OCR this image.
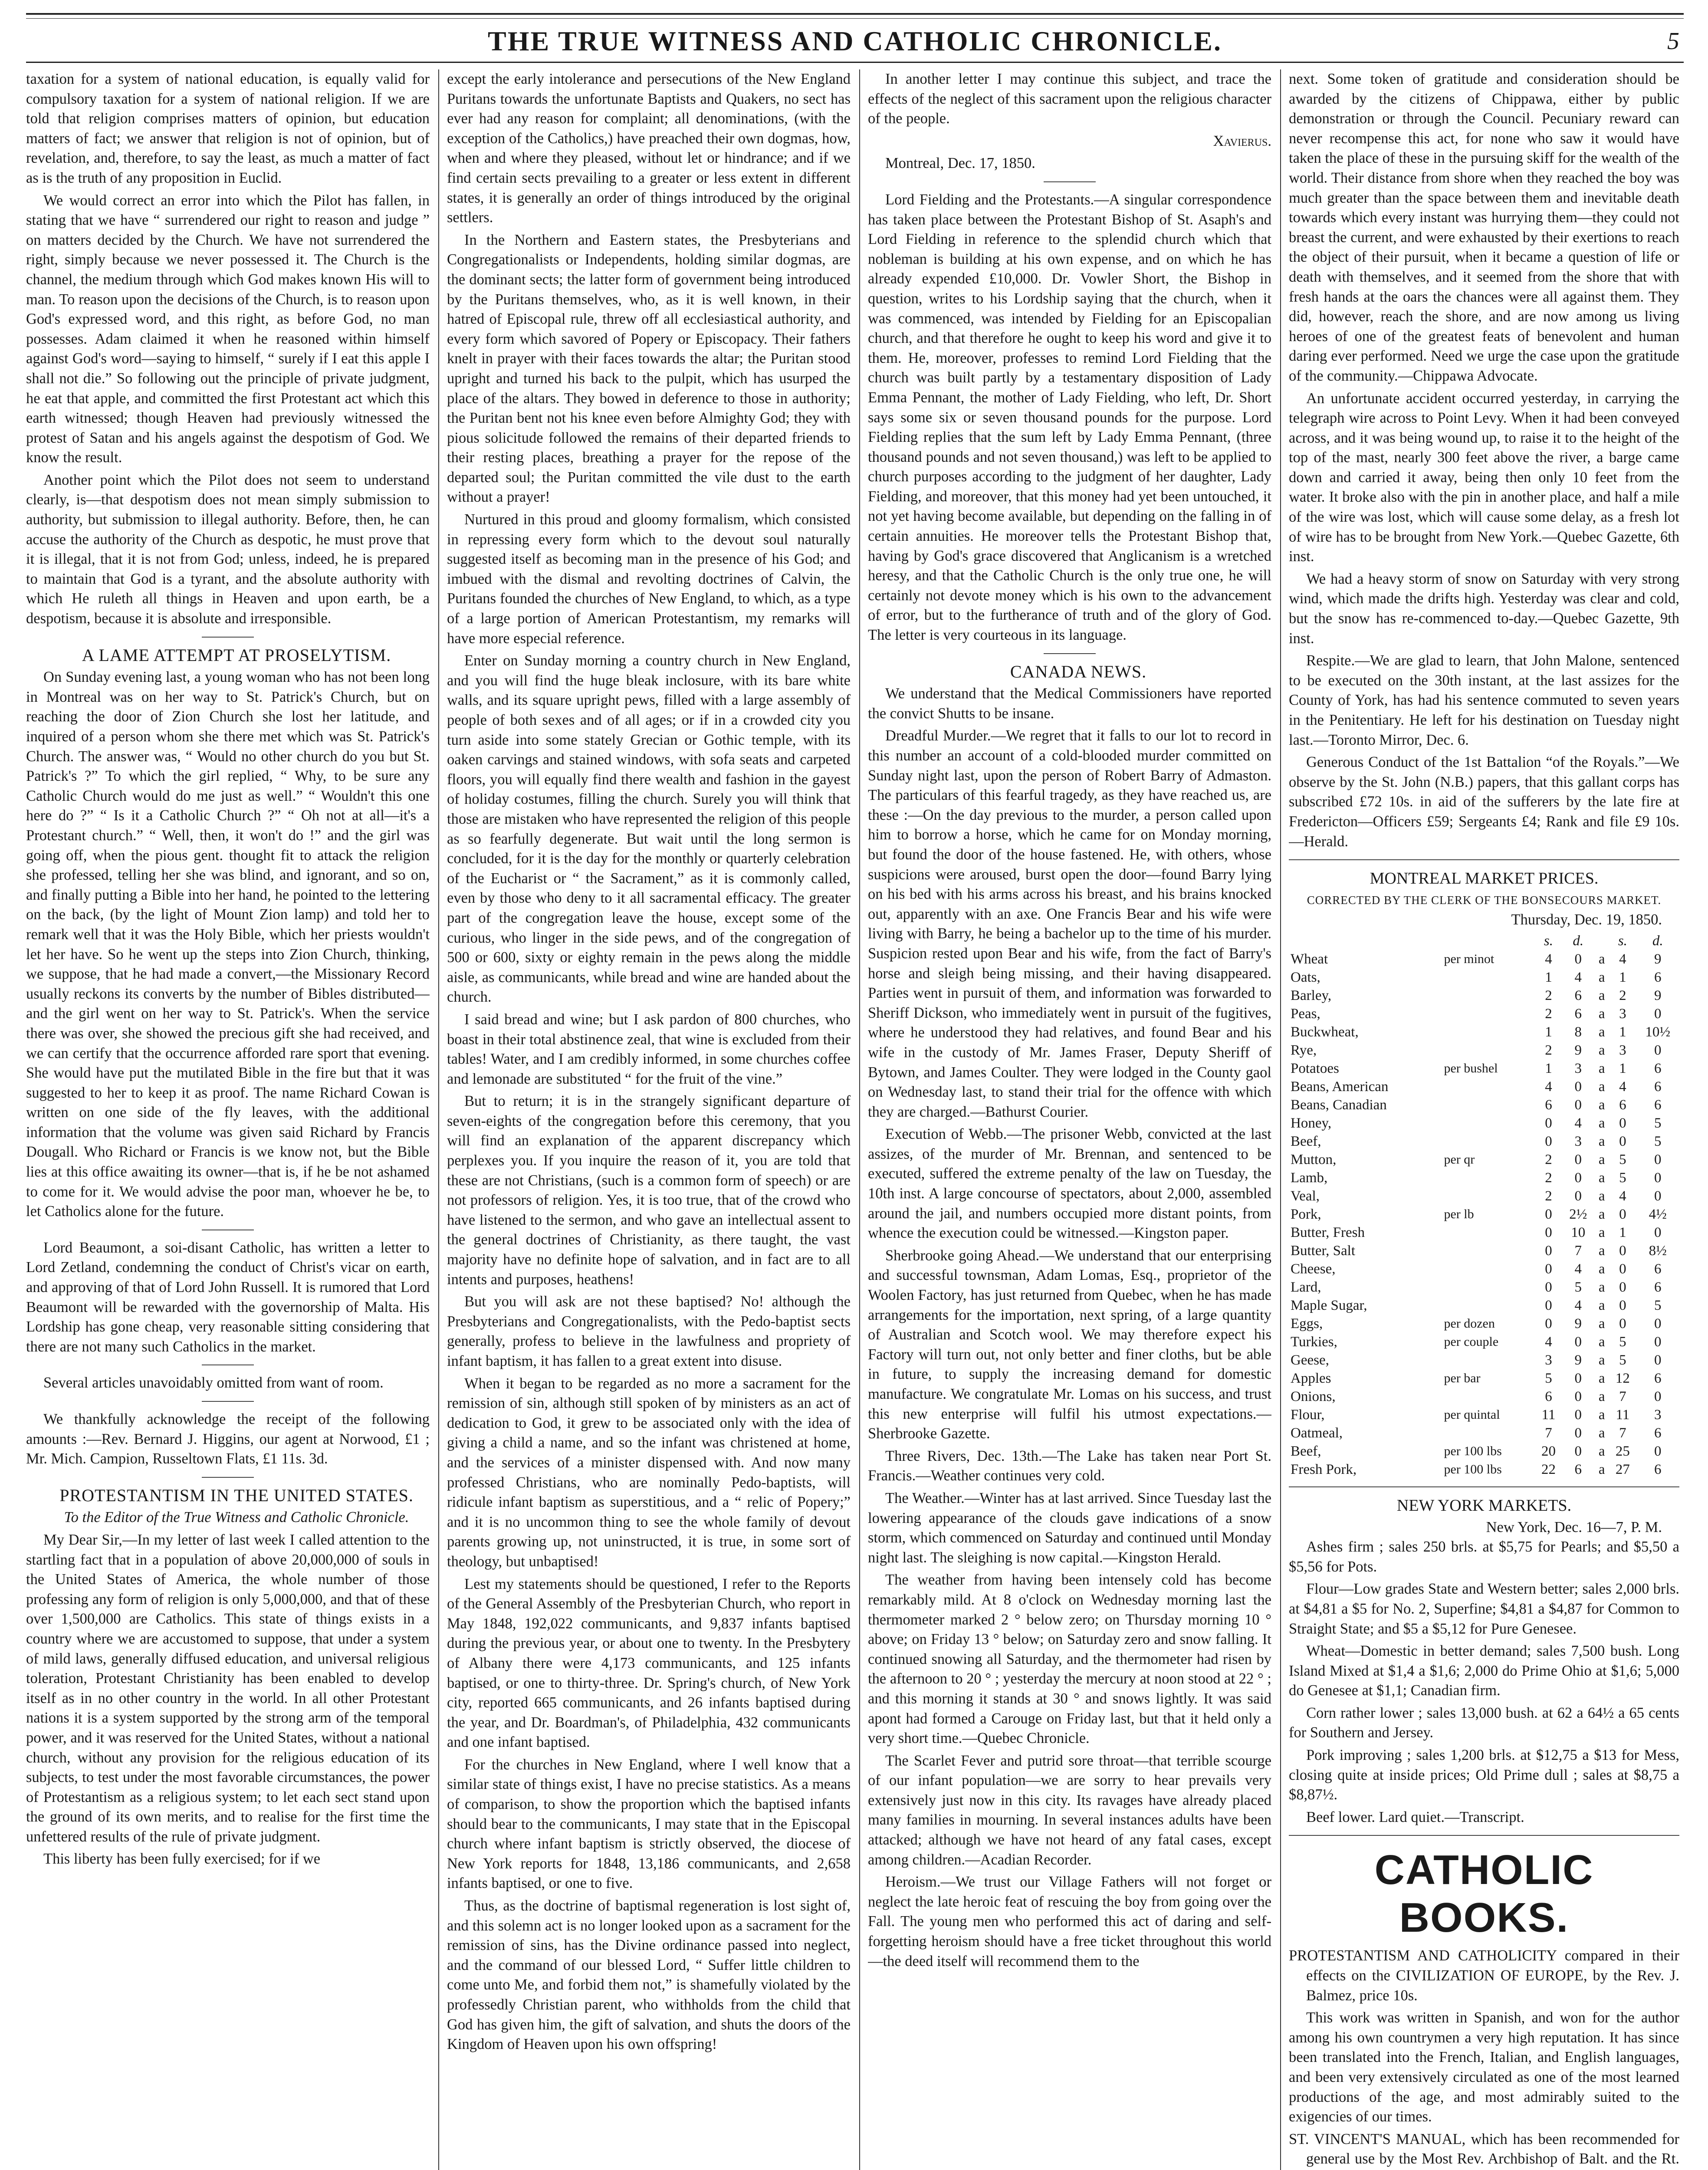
THE TRUE WITNESS AND CATHOLIC CHRONICLE.	5

taxation for a system of national education, is equally valid for compulsory taxation for a system of national religion. If we are told that religion comprises matters of opinion, but education matters of fact; we answer that religion is not of opinion, but of revelation, and, therefore, to say the least, as much a matter of fact as is the truth of any proposition in Euclid.

We would correct an error into which the Pilot has fallen, in stating that we have “ surrendered our right to reason and judge ” on matters decided by the Church. We have not surrendered the right, simply because we never possessed it. The Church is the channel, the medium through which God makes known His will to man. To reason upon the decisions of the Church, is to reason upon God's expressed word, and this right, as before God, no man possesses. Adam claimed it when he reasoned within himself against God's word—saying to himself, “ surely if I eat this apple I shall not die.” So following out the principle of private judgment, he eat that apple, and committed the first Protestant act which this earth witnessed; though Heaven had previously witnessed the protest of Satan and his angels against the despotism of God. We know the result.

Another point which the Pilot does not seem to understand clearly, is—that despotism does not mean simply submission to authority, but submission to illegal authority. Before, then, he can accuse the authority of the Church as despotic, he must prove that it is illegal, that it is not from God; unless, indeed, he is prepared to maintain that God is a tyrant, and the absolute authority with which He ruleth all things in Heaven and upon earth, be a despotism, because it is absolute and irresponsible.

A LAME ATTEMPT AT PROSELYTISM.

On Sunday evening last, a young woman who has not been long in Montreal was on her way to St. Patrick's Church, but on reaching the door of Zion Church she lost her latitude, and inquired of a person whom she there met which was St. Patrick's Church. The answer was, “ Would no other church do you but St. Patrick's ?” To which the girl replied, “ Why, to be sure any Catholic Church would do me just as well.” “ Wouldn't this one here do ?” “ Is it a Catholic Church ?” “ Oh not at all—it's a Protestant church.” “ Well, then, it won't do !” and the girl was going off, when the pious gent. thought fit to attack the religion she professed, telling her she was blind, and ignorant, and so on, and finally putting a Bible into her hand, he pointed to the lettering on the back, (by the light of Mount Zion lamp) and told her to remark well that it was the Holy Bible, which her priests wouldn't let her have. So he went up the steps into Zion Church, thinking, we suppose, that he had made a convert,—the Missionary Record usually reckons its converts by the number of Bibles distributed—and the girl went on her way to St. Patrick's. When the service there was over, she showed the precious gift she had received, and we can certify that the occurrence afforded rare sport that evening. She would have put the mutilated Bible in the fire but that it was suggested to her to keep it as proof. The name Richard Cowan is written on one side of the fly leaves, with the additional information that the volume was given said Richard by Francis Dougall. Who Richard or Francis is we know not, but the Bible lies at this office awaiting its owner—that is, if he be not ashamed to come for it. We would advise the poor man, whoever he be, to let Catholics alone for the future.

Lord Beaumont, a soi-disant Catholic, has written a letter to Lord Zetland, condemning the conduct of Christ's vicar on earth, and approving of that of Lord John Russell. It is rumored that Lord Beaumont will be rewarded with the governorship of Malta. His Lordship has gone cheap, very reasonable sitting considering that there are not many such Catholics in the market.

Several articles unavoidably omitted from want of room.

We thankfully acknowledge the receipt of the following amounts :—Rev. Bernard J. Higgins, our agent at Norwood, £1 ; Mr. Mich. Campion, Russeltown Flats, £1 11s. 3d.

PROTESTANTISM IN THE UNITED STATES.

To the Editor of the True Witness and Catholic Chronicle.

My Dear Sir,—In my letter of last week I called attention to the startling fact that in a population of above 20,000,000 of souls in the United States of America, the whole number of those professing any form of religion is only 5,000,000, and that of these over 1,500,000 are Catholics. This state of things exists in a country where we are accustomed to suppose, that under a system of mild laws, generally diffused education, and universal religious toleration, Protestant Christianity has been enabled to develop itself as in no other country in the world. In all other Protestant nations it is a system supported by the strong arm of the temporal power, and it was reserved for the United States, without a national church, without any provision for the religious education of its subjects, to test under the most favorable circumstances, the power of Protestantism as a religious system; to let each sect stand upon the ground of its own merits, and to realise for the first time the unfettered results of the rule of private judgment.

This liberty has been fully exercised; for if we

except the early intolerance and persecutions of the New England Puritans towards the unfortunate Baptists and Quakers, no sect has ever had any reason for complaint; all denominations, (with the exception of the Catholics,) have preached their own dogmas, how, when and where they pleased, without let or hindrance; and if we find certain sects prevailing to a greater or less extent in different states, it is generally an order of things introduced by the original settlers.

In the Northern and Eastern states, the Presbyterians and Congregationalists or Independents, holding similar dogmas, are the dominant sects; the latter form of government being introduced by the Puritans themselves, who, as it is well known, in their hatred of Episcopal rule, threw off all ecclesiastical authority, and every form which savored of Popery or Episcopacy. Their fathers knelt in prayer with their faces towards the altar; the Puritan stood upright and turned his back to the pulpit, which has usurped the place of the altars. They bowed in deference to those in authority; the Puritan bent not his knee even before Almighty God; they with pious solicitude followed the remains of their departed friends to their resting places, breathing a prayer for the repose of the departed soul; the Puritan committed the vile dust to the earth without a prayer!

Nurtured in this proud and gloomy formalism, which consisted in repressing every form which to the devout soul naturally suggested itself as becoming man in the presence of his God; and imbued with the dismal and revolting doctrines of Calvin, the Puritans founded the churches of New England, to which, as a type of a large portion of American Protestantism, my remarks will have more especial reference.

Enter on Sunday morning a country church in New England, and you will find the huge bleak inclosure, with its bare white walls, and its square upright pews, filled with a large assembly of people of both sexes and of all ages; or if in a crowded city you turn aside into some stately Grecian or Gothic temple, with its oaken carvings and stained windows, with sofa seats and carpeted floors, you will equally find there wealth and fashion in the gayest of holiday costumes, filling the church. Surely you will think that those are mistaken who have represented the religion of this people as so fearfully degenerate. But wait until the long sermon is concluded, for it is the day for the monthly or quarterly celebration of the Eucharist or “ the Sacrament,” as it is commonly called, even by those who deny to it all sacramental efficacy. The greater part of the congregation leave the house, except some of the curious, who linger in the side pews, and of the congregation of 500 or 600, sixty or eighty remain in the pews along the middle aisle, as communicants, while bread and wine are handed about the church.

I said bread and wine; but I ask pardon of 800 churches, who boast in their total abstinence zeal, that wine is excluded from their tables! Water, and I am credibly informed, in some churches coffee and lemonade are substituted “ for the fruit of the vine.”

But to return; it is in the strangely significant departure of seven-eights of the congregation before this ceremony, that you will find an explanation of the apparent discrepancy which perplexes you. If you inquire the reason of it, you are told that these are not Christians, (such is a common form of speech) or are not professors of religion. Yes, it is too true, that of the crowd who have listened to the sermon, and who gave an intellectual assent to the general doctrines of Christianity, as there taught, the vast majority have no definite hope of salvation, and in fact are to all intents and purposes, heathens!

But you will ask are not these baptised? No! although the Presbyterians and Congregationalists, with the Pedo-baptist sects generally, profess to believe in the lawfulness and propriety of infant baptism, it has fallen to a great extent into disuse.

When it began to be regarded as no more a sacrament for the remission of sin, although still spoken of by ministers as an act of dedication to God, it grew to be associated only with the idea of giving a child a name, and so the infant was christened at home, and the services of a minister dispensed with. And now many professed Christians, who are nominally Pedo-baptists, will ridicule infant baptism as superstitious, and a “ relic of Popery;” and it is no uncommon thing to see the whole family of devout parents growing up, not uninstructed, it is true, in some sort of theology, but unbaptised!

Lest my statements should be questioned, I refer to the Reports of the General Assembly of the Presbyterian Church, who report in May 1848, 192,022 communicants, and 9,837 infants baptised during the previous year, or about one to twenty. In the Presbytery of Albany there were 4,173 communicants, and 125 infants baptised, or one to thirty-three. Dr. Spring's church, of New York city, reported 665 communicants, and 26 infants baptised during the year, and Dr. Boardman's, of Philadelphia, 432 communicants and one infant baptised.

For the churches in New England, where I well know that a similar state of things exist, I have no precise statistics. As a means of comparison, to show the proportion which the baptised infants should bear to the communicants, I may state that in the Episcopal church where infant baptism is strictly observed, the diocese of New York reports for 1848, 13,186 communicants, and 2,658 infants baptised, or one to five.

Thus, as the doctrine of baptismal regeneration is lost sight of, and this solemn act is no longer looked upon as a sacrament for the remission of sins, has the Divine ordinance passed into neglect, and the command of our blessed Lord, “ Suffer little children to come unto Me, and forbid them not,” is shamefully violated by the professedly Christian parent, who withholds from the child that God has given him, the gift of salvation, and shuts the doors of the Kingdom of Heaven upon his own offspring!

In another letter I may continue this subject, and trace the effects of the neglect of this sacrament upon the religious character of the people.

Xavierus.

Montreal, Dec. 17, 1850.

Lord Fielding and the Protestants.—A singular correspondence has taken place between the Protestant Bishop of St. Asaph's and Lord Fielding in reference to the splendid church which that nobleman is building at his own expense, and on which he has already expended £10,000. Dr. Vowler Short, the Bishop in question, writes to his Lordship saying that the church, when it was commenced, was intended by Fielding for an Episcopalian church, and that therefore he ought to keep his word and give it to them. He, moreover, professes to remind Lord Fielding that the church was built partly by a testamentary disposition of Lady Emma Pennant, the mother of Lady Fielding, who left, Dr. Short says some six or seven thousand pounds for the purpose. Lord Fielding replies that the sum left by Lady Emma Pennant, (three thousand pounds and not seven thousand,) was left to be applied to church purposes according to the judgment of her daughter, Lady Fielding, and moreover, that this money had yet been untouched, it not yet having become available, but depending on the falling in of certain annuities. He moreover tells the Protestant Bishop that, having by God's grace discovered that Anglicanism is a wretched heresy, and that the Catholic Church is the only true one, he will certainly not devote money which is his own to the advancement of error, but to the furtherance of truth and of the glory of God. The letter is very courteous in its language.

CANADA NEWS.

We understand that the Medical Commissioners have reported the convict Shutts to be insane.

Dreadful Murder.—We regret that it falls to our lot to record in this number an account of a cold-blooded murder committed on Sunday night last, upon the person of Robert Barry of Admaston. The particulars of this fearful tragedy, as they have reached us, are these :—On the day previous to the murder, a person called upon him to borrow a horse, which he came for on Monday morning, but found the door of the house fastened. He, with others, whose suspicions were aroused, burst open the door—found Barry lying on his bed with his arms across his breast, and his brains knocked out, apparently with an axe. One Francis Bear and his wife were living with Barry, he being a bachelor up to the time of his murder. Suspicion rested upon Bear and his wife, from the fact of Barry's horse and sleigh being missing, and their having disappeared. Parties went in pursuit of them, and information was forwarded to Sheriff Dickson, who immediately went in pursuit of the fugitives, where he understood they had relatives, and found Bear and his wife in the custody of Mr. James Fraser, Deputy Sheriff of Bytown, and James Coulter. They were lodged in the County gaol on Wednesday last, to stand their trial for the offence with which they are charged.—Bathurst Courier.

Execution of Webb.—The prisoner Webb, convicted at the last assizes, of the murder of Mr. Brennan, and sentenced to be executed, suffered the extreme penalty of the law on Tuesday, the 10th inst. A large concourse of spectators, about 2,000, assembled around the jail, and numbers occupied more distant points, from whence the execution could be witnessed.—Kingston paper.

Sherbrooke going Ahead.—We understand that our enterprising and successful townsman, Adam Lomas, Esq., proprietor of the Woolen Factory, has just returned from Quebec, when he has made arrangements for the importation, next spring, of a large quantity of Australian and Scotch wool. We may therefore expect his Factory will turn out, not only better and finer cloths, but be able in future, to supply the increasing demand for domestic manufacture. We congratulate Mr. Lomas on his success, and trust this new enterprise will fulfil his utmost expectations.—Sherbrooke Gazette.

Three Rivers, Dec. 13th.—The Lake has taken near Port St. Francis.—Weather continues very cold.

The Weather.—Winter has at last arrived. Since Tuesday last the lowering appearance of the clouds gave indications of a snow storm, which commenced on Saturday and continued until Monday night last. The sleighing is now capital.—Kingston Herald.

The weather from having been intensely cold has become remarkably mild. At 8 o'clock on Wednesday morning last the thermometer marked 2 ° below zero; on Thursday morning 10 ° above; on Friday 13 ° below; on Saturday zero and snow falling. It continued snowing all Saturday, and the thermometer had risen by the afternoon to 20 ° ; yesterday the mercury at noon stood at 22 ° ; and this morning it stands at 30 ° and snows lightly. It was said apont had formed a Carouge on Friday last, but that it held only a very short time.—Quebec Chronicle.

The Scarlet Fever and putrid sore throat—that terrible scourge of our infant population—we are sorry to hear prevails very extensively just now in this city. Its ravages have already placed many families in mourning. In several instances adults have been attacked; although we have not heard of any fatal cases, except among children.—Acadian Recorder.

Heroism.—We trust our Village Fathers will not forget or neglect the late heroic feat of rescuing the boy from going over the Fall. The young men who performed this act of daring and self-forgetting heroism should have a free ticket throughout this world—the deed itself will recommend them to the

next. Some token of gratitude and consideration should be awarded by the citizens of Chippawa, either by public demonstration or through the Council. Pecuniary reward can never recompense this act, for none who saw it would have taken the place of these in the pursuing skiff for the wealth of the world. Their distance from shore when they reached the boy was much greater than the space between them and inevitable death towards which every instant was hurrying them—they could not breast the current, and were exhausted by their exertions to reach the object of their pursuit, when it became a question of life or death with themselves, and it seemed from the shore that with fresh hands at the oars the chances were all against them. They did, however, reach the shore, and are now among us living heroes of one of the greatest feats of benevolent and human daring ever performed. Need we urge the case upon the gratitude of the community.—Chippawa Advocate.

An unfortunate accident occurred yesterday, in carrying the telegraph wire across to Point Levy. When it had been conveyed across, and it was being wound up, to raise it to the height of the top of the mast, nearly 300 feet above the river, a barge came down and carried it away, being then only 10 feet from the water. It broke also with the pin in another place, and half a mile of the wire was lost, which will cause some delay, as a fresh lot of wire has to be brought from New York.—Quebec Gazette, 6th inst.

We had a heavy storm of snow on Saturday with very strong wind, which made the drifts high. Yesterday was clear and cold, but the snow has re-commenced to-day.—Quebec Gazette, 9th inst.

Respite.—We are glad to learn, that John Malone, sentenced to be executed on the 30th instant, at the last assizes for the County of York, has had his sentence commuted to seven years in the Penitentiary. He left for his destination on Tuesday night last.—Toronto Mirror, Dec. 6.

Generous Conduct of the 1st Battalion “of the Royals.”—We observe by the St. John (N.B.) papers, that this gallant corps has subscribed £72 10s. in aid of the sufferers by the late fire at Fredericton—Officers £59; Sergeants £4; Rank and file £9 10s.—Herald.

MONTREAL MARKET PRICES.
CORRECTED BY THE CLERK OF THE BONSECOURS MARKET.
Thursday, Dec. 19, 1850.
		s.	d.		s.	d.
Wheat	per minot	4	0	a	4	9
Oats,		1	4	a	1	6
Barley,		2	6	a	2	9
Peas,		2	6	a	3	0
Buckwheat,		1	8	a	1	10½
Rye,		2	9	a	3	0
Potatoes	per bushel	1	3	a	1	6
Beans, American		4	0	a	4	6
Beans, Canadian		6	0	a	6	6
Honey,		0	4	a	0	5
Beef,		0	3	a	0	5
Mutton,	per qr	2	0	a	5	0
Lamb,		2	0	a	5	0
Veal,		2	0	a	4	0
Pork,	per lb	0	2½	a	0	4½
Butter, Fresh		0	10	a	1	0
Butter, Salt		0	7	a	0	8½
Cheese,		0	4	a	0	6
Lard,		0	5	a	0	6
Maple Sugar,		0	4	a	0	5
Eggs,	per dozen	0	9	a	0	0
Turkies,	per couple	4	0	a	5	0
Geese,		3	9	a	5	0
Apples	per bar	5	0	a	12	6
Onions,		6	0	a	7	0
Flour,	per quintal	11	0	a	11	3
Oatmeal,		7	0	a	7	6
Beef,	per 100 lbs	20	0	a	25	0
Fresh Pork,	per 100 lbs	22	6	a	27	6
NEW YORK MARKETS.
New York, Dec. 16—7, P. M.

Ashes firm ; sales 250 brls. at $5,75 for Pearls; and $5,50 a $5,56 for Pots.

Flour—Low grades State and Western better; sales 2,000 brls. at $4,81 a $5 for No. 2, Superfine; $4,81 a $4,87 for Common to Straight State; and $5 a $5,12 for Pure Genesee.

Wheat—Domestic in better demand; sales 7,500 bush. Long Island Mixed at $1,4 a $1,6; 2,000 do Prime Ohio at $1,6; 5,000 do Genesee at $1,1; Canadian firm.

Corn rather lower ; sales 13,000 bush. at 62 a 64½ a 65 cents for Southern and Jersey.

Pork improving ; sales 1,200 brls. at $12,75 a $13 for Mess, closing quite at inside prices; Old Prime dull ; sales at $8,75 a $8,87½.

Beef lower. Lard quiet.—Transcript.

CATHOLIC BOOKS.

PROTESTANTISM AND CATHOLICITY compared in their effects on the CIVILIZATION OF EUROPE, by the Rev. J. Balmez, price 10s.

This work was written in Spanish, and won for the author among his own countrymen a very high reputation. It has since been translated into the French, Italian, and English languages, and been very extensively circulated as one of the most learned productions of the age, and most admirably suited to the exigencies of our times.

ST. VINCENT'S MANUAL, which has been recommended for general use by the Most Rev. Archbishop of Balt. and the Rt.
